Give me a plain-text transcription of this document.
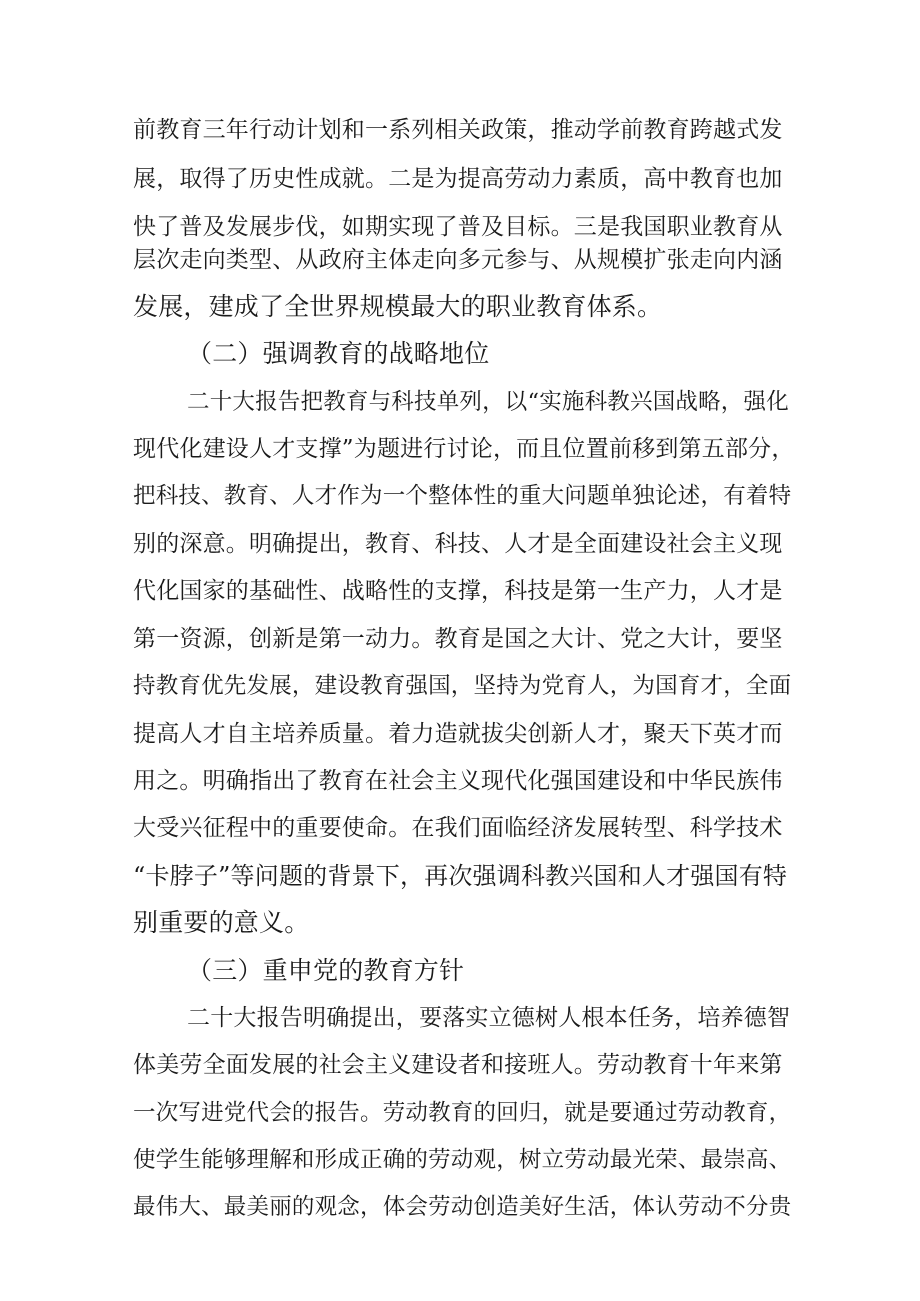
前教育三年行动计划和一系列相关政策，推动学前教育跨越式发
展，取得了历史性成就。二是为提高劳动力素质，高中教育也加
快了普及发展步伐，如期实现了普及目标。三是我国职业教育从
层次走向类型、从政府主体走向多元参与、从规模扩张走向内涵
发展，建成了全世界规模最大的职业教育体系。
（二）强调教育的战略地位
二十大报告把教育与科技单列，以“实施科教兴国战略，强化
现代化建设人才支撑”为题进行讨论，而且位置前移到第五部分，
把科技、教育、人才作为一个整体性的重大问题单独论述，有着特
别的深意。明确提出，教育、科技、人才是全面建设社会主义现
代化国家的基础性、战略性的支撑，科技是第一生产力，人才是
第一资源，创新是第一动力。教育是国之大计、党之大计，要坚
持教育优先发展，建设教育强国，坚持为党育人，为国育才，全面
提高人才自主培养质量。着力造就拔尖创新人才，聚天下英才而
用之。明确指出了教育在社会主义现代化强国建设和中华民族伟
大受兴征程中的重要使命。在我们面临经济发展转型、科学技术
“卡脖子”等问题的背景下，再次强调科教兴国和人才强国有特
别重要的意义。
（三）重申党的教育方针
二十大报告明确提出，要落实立德树人根本任务，培养德智
体美劳全面发展的社会主义建设者和接班人。劳动教育十年来第
一次写进党代会的报告。劳动教育的回归，就是要通过劳动教育，
使学生能够理解和形成正确的劳动观，树立劳动最光荣、最崇高、
最伟大、最美丽的观念，体会劳动创造美好生活，体认劳动不分贵
